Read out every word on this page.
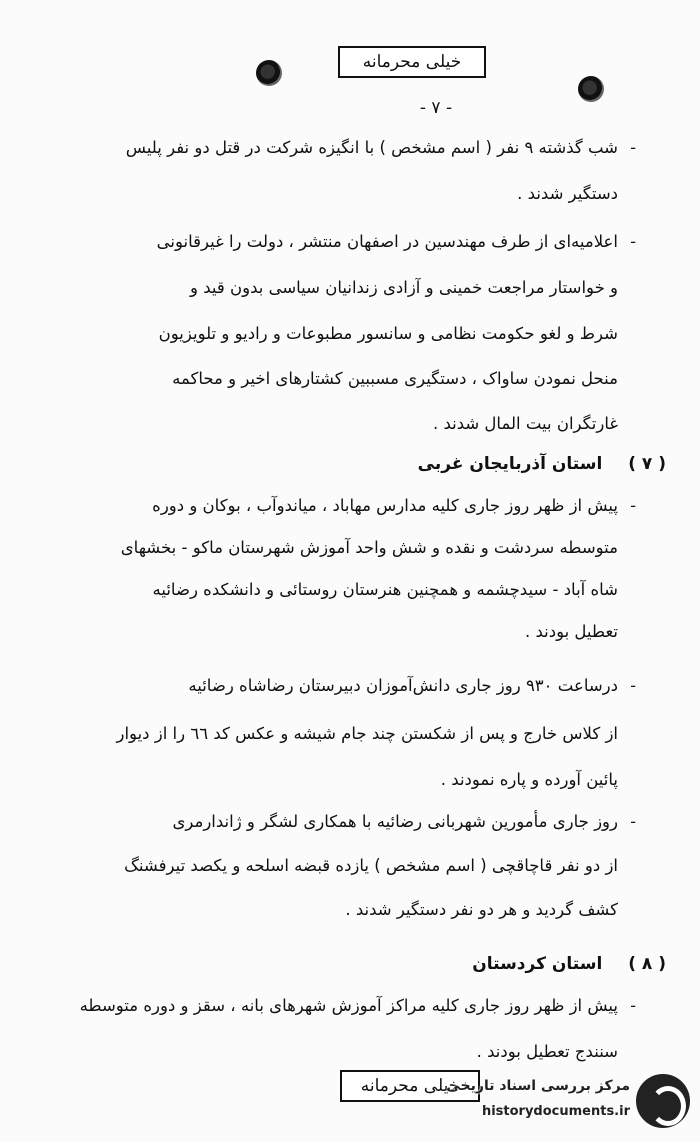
خیلی محرمانه
- ٧ -
-
شب گذشته ۹ نفر ( اسم مشخص ) با انگیزه شرکت در قتل دو نفر پلیس
دستگیر شدند .
-
اعلامیه‌ای از طرف مهندسین در اصفهان منتشر ، دولت را غیرقانونی
و خواستار مراجعت خمینی و آزادی زندانیان سیاسی بدون قید و
شرط و لغو حکومت نظامی و سانسور مطبوعات و رادیو و تلویزیون
منحل نمودن ساواک ، دستگیری مسببین کشتارهای اخیر و محاکمه
غارتگران بیت المال شدند .
( ٧ ) استان آذربایجان غربی
-
پیش از ظهر روز جاری کلیه مدارس مهاباد ، میاندوآب ، بوکان و دوره
متوسطه سردشت و نقده و شش واحد آموزش شهرستان ماکو - بخشهای
شاه آباد - سیدچشمه و همچنین هنرستان روستائی و دانشکده رضائیه
تعطیل بودند .
-
درساعت ۹۳۰ روز جاری دانش‌آموزان دبیرستان رضاشاه رضائیه
از کلاس خارج و پس از شکستن چند جام شیشه و عکس کد ٦٦ را از دیوار
پائین آورده و پاره نمودند .
-
روز جاری مأمورین شهربانی رضائیه با همکاری لشگر و ژاندارمری
از دو نفر قاچاقچی ( اسم مشخص ) یازده قبضه اسلحه و یکصد تیرفشنگ
کشف گردید و هر دو نفر دستگیر شدند .
( ٨ ) استان کردستان
-
پیش از ظهر روز جاری کلیه مراکز آموزش شهرهای بانه ، سقز و دوره متوسطه
سنندج تعطیل بودند .
خیلی محرمانه
مرکز بررسی اسناد تاریخی
historydocuments.ir
